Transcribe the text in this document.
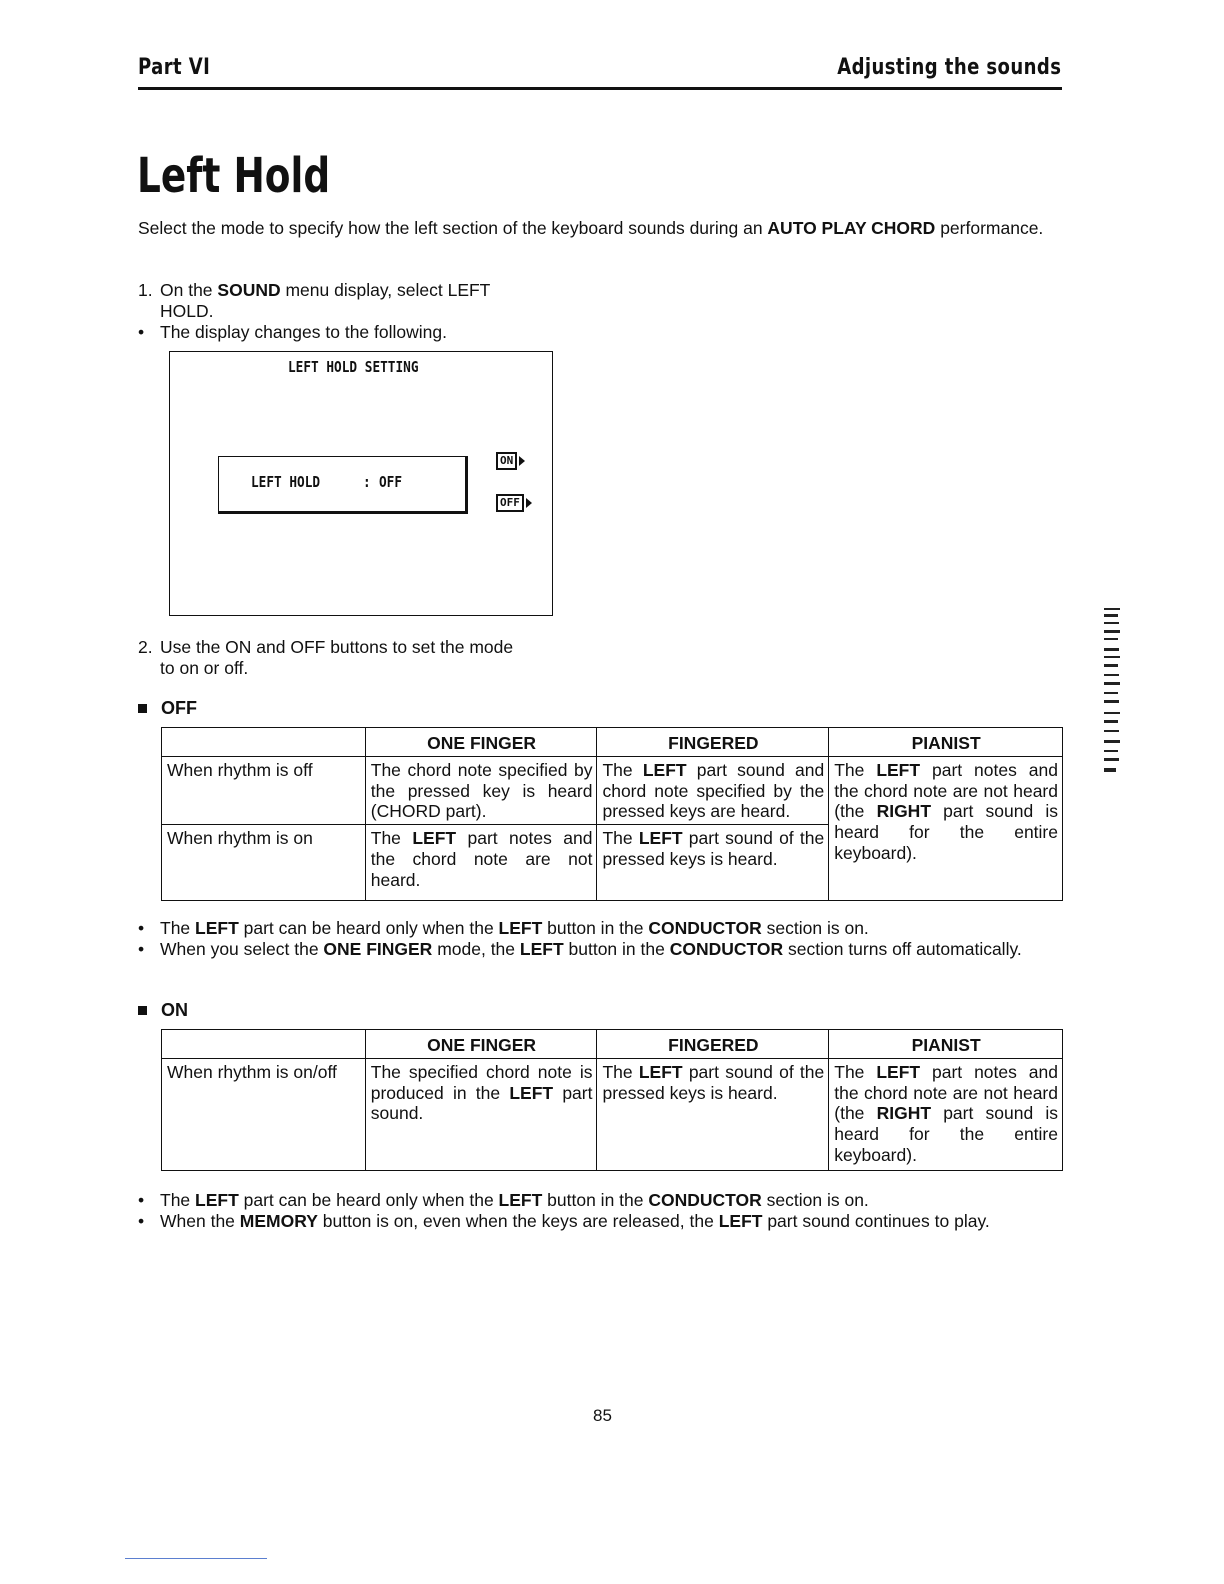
Part VI	Adjusting the sounds
Left Hold
Select the mode to specify how the left section of the keyboard sounds during an AUTO PLAY CHORD performance.
1. On the SOUND menu display, select LEFT
HOLD.
• The display changes to the following.
LEFT HOLD SETTING
LEFT HOLD	: OFF
ON
OFF
2. Use the ON and OFF buttons to set the mode
to on or off.
OFF
	ONE FINGER	FINGERED	PIANIST
When rhythm is off	The chord note specified by the pressed key is heard (CHORD part).	The LEFT part sound and chord note specified by the pressed keys are heard.	The LEFT part notes and the chord note are not heard (the RIGHT part sound is heard for the entire keyboard).
When rhythm is on	The LEFT part notes and the chord note are not heard.	The LEFT part sound of the pressed keys is heard.	
• The LEFT part can be heard only when the LEFT button in the CONDUCTOR section is on.
• When you select the ONE FINGER mode, the LEFT button in the CONDUCTOR section turns off automatically.
ON
	ONE FINGER	FINGERED	PIANIST
When rhythm is on/off	The specified chord note is produced in the LEFT part sound.	The LEFT part sound of the pressed keys is heard.	The LEFT part notes and the chord note are not heard (the RIGHT part sound is heard for the entire keyboard).
• The LEFT part can be heard only when the LEFT button in the CONDUCTOR section is on.
• When the MEMORY button is on, even when the keys are released, the LEFT part sound continues to play.
85
